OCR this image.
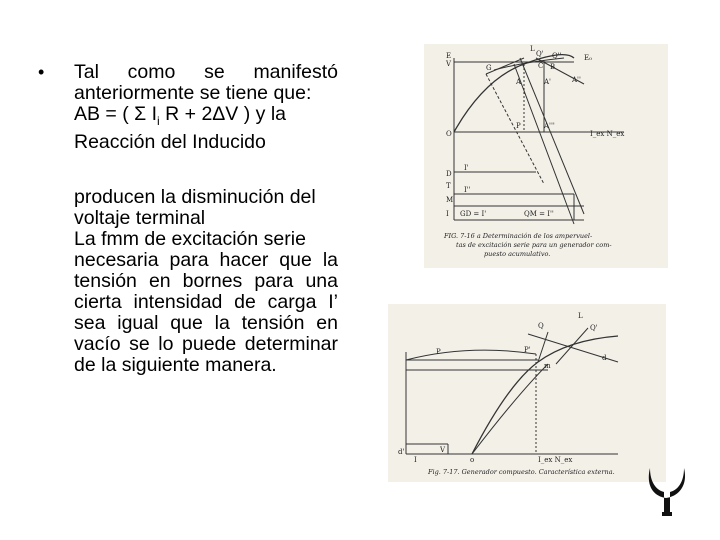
•	Tal como se manifestó
anteriormente se tiene que:
AB = ( Σ $I_i$ R + 2ΔV ) y la
Reacción del Inducido
producen la disminución del
voltaje terminal
La fmm de excitación serie
necesaria para hacer que la
tensión en bornes para una
cierta intensidad de carga I’
sea igual que la tensión en
vacío se lo puede determinar
de la siguiente manera.
E
V
O
P
A	A'	A''
A'''
G
Q' Q''
L
E₀
B
C
D
T
M
I
I'
I''
I_ex N_ex
GD = I'	QM = I''
FIG. 7-16 a Determinación de los ampervuel-
tas de excitación serie para un generador com-
puesto acumulativo.
P	P'
Q
L
Q'
m
d
d'	V
I	o	I_ex N_ex
Fig. 7-17. Generador compuesto. Característica externa.
